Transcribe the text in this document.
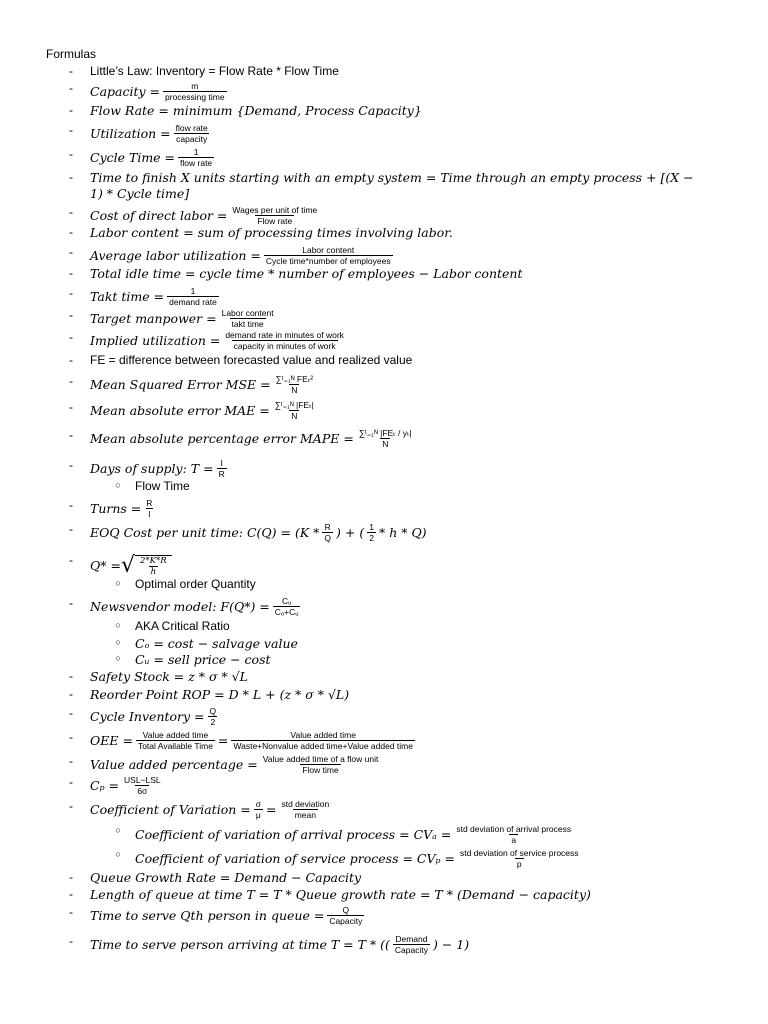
Formulas
- Little’s Law: Inventory = Flow Rate * Flow Time
- Capacity = $\frac{m}{\text{processing time}}$
- Flow Rate = minimum {Demand, Process Capacity}
- Utilization = $\frac{\text{flow rate}}{\text{capacity}}$
- Cycle Time = $\frac{1}{\text{flow rate}}$
- Time to finish X units starting with an empty system = Time through an empty process + [(X − 1) * Cycle time]
- Cost of direct labor = $\frac{\text{Wages per unit of time}}{\text{Flow rate}}$
- Labor content = sum of processing times involving labor.
- Average labor utilization = $\frac{\text{Labor content}}{\text{Cycle time*number of employees}}$
- Total idle time = cycle time * number of employees − Labor content
- Takt time = $\frac{1}{\text{demand rate}}$
- Target manpower = $\frac{\text{Labor content}}{\text{takt time}}$
- Implied utilization = $\frac{\text{demand rate in minutes of work}}{\text{capacity in minutes of work}}$
- FE = difference between forecasted value and realized value
- Mean Squared Error MSE = $\frac{\text{∑ᵗ₌₁ᴺ FEₜ²}}{N}$
- Mean absolute error MAE = $\frac{\text{∑ᵗ₌₁ᴺ |FEₜ|}}{N}$
- Mean absolute percentage error MAPE = $\frac{\text{∑ᵗ₌₁ᴺ |FEₜ / yₜ|}}{N}$
- Days of supply: $T = \frac{I}{R}$
○ Flow Time
- Turns = $\frac{R}{I}$
- EOQ Cost per unit time: $C(Q) = (K * \frac{R}{Q}$ ) + ( $\frac{1}{2}$ * h * Q)
- Q* = √ $\frac{2*K*R}{h}$
○ Optimal order Quantity
- Newsvendor model: $F(Q*) = \frac{\text{Cᵤ}}{\text{Cₒ+Cᵤ}}$
○ AKA Critical Ratio
○ Cₒ = cost − salvage value
○ Cᵤ = sell price − cost
- Safety Stock = z * σ * √L
- Reorder Point ROP = D * L + (z * σ * √L)
- Cycle Inventory = $\frac{Q}{2}$
- OEE = $\frac{\text{Value added time}}{\text{Total Available Time}} = \frac{\text{Value added time}}{\text{Waste+Nonvalue added time+Value added time}}$
- Value added percentage = $\frac{\text{Value added time of a flow unit}}{\text{Flow time}}$
- $C_p = \frac{\text{USL−LSL}}{6\sigma}$
- Coefficient of Variation = $\frac{\sigma}{\mu} = \frac{\text{std deviation}}{\text{mean}}$
○ Coefficient of variation of arrival process = $CV_a = \frac{\text{std deviation of arrival process}}{a}$
○ Coefficient of variation of service process = $CV_p = \frac{\text{std deviation of service process}}{p}$
- Queue Growth Rate = Demand − Capacity
- Length of queue at time T = T * Queue growth rate = T * (Demand − capacity)
- Time to serve Qth person in queue = $\frac{Q}{\text{Capacity}}$
- Time to serve person arriving at time T = T * (( $\frac{\text{Demand}}{\text{Capacity}}$ ) − 1)
